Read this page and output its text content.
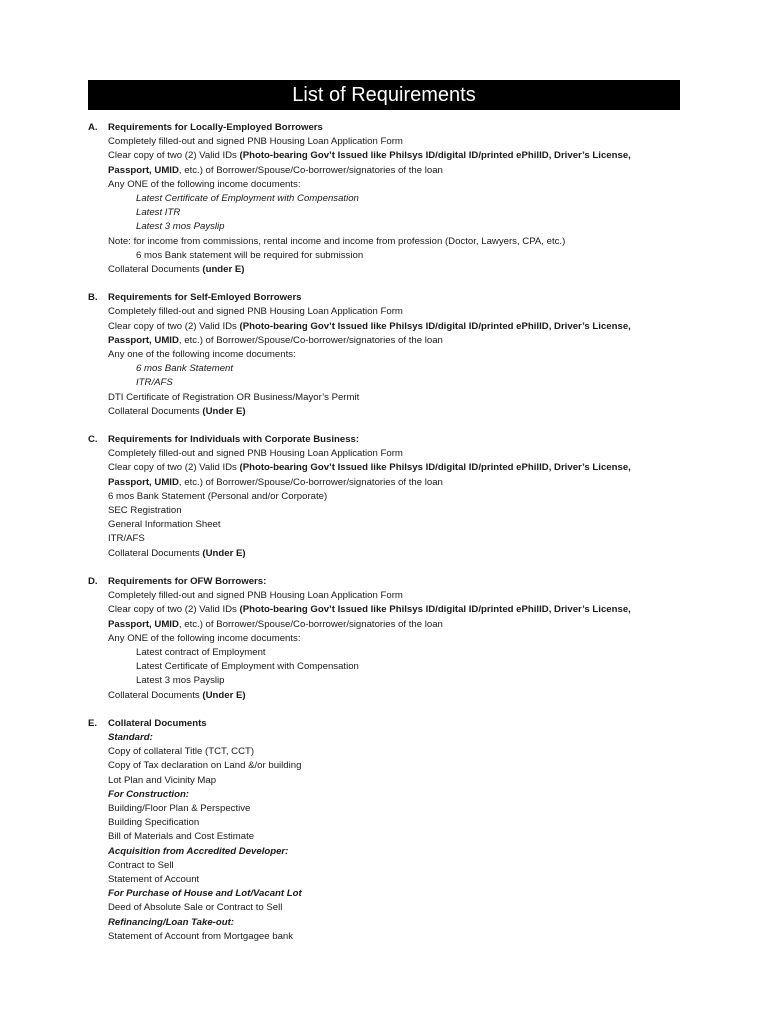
List of Requirements
A. Requirements for Locally-Employed Borrowers
Completely filled-out and signed PNB Housing Loan Application Form
Clear copy of two (2) Valid IDs (Photo-bearing Gov’t Issued like Philsys ID/digital ID/printed ePhilID, Driver’s License,
Passport, UMID, etc.) of Borrower/Spouse/Co-borrower/signatories of the loan
Any ONE of the following income documents:
Latest Certificate of Employment with Compensation
Latest ITR
Latest 3 mos Payslip
Note: for income from commissions, rental income and income from profession (Doctor, Lawyers, CPA, etc.)
6 mos Bank statement will be required for submission
Collateral Documents (under E)
B. Requirements for Self-Emloyed Borrowers
Completely filled-out and signed PNB Housing Loan Application Form
Clear copy of two (2) Valid IDs (Photo-bearing Gov’t Issued like Philsys ID/digital ID/printed ePhilID, Driver’s License,
Passport, UMID, etc.) of Borrower/Spouse/Co-borrower/signatories of the loan
Any one of the following income documents:
6 mos Bank Statement
ITR/AFS
DTI Certificate of Registration OR Business/Mayor’s Permit
Collateral Documents (Under E)
C. Requirements for Individuals with Corporate Business:
Completely filled-out and signed PNB Housing Loan Application Form
Clear copy of two (2) Valid IDs (Photo-bearing Gov’t Issued like Philsys ID/digital ID/printed ePhilID, Driver’s License,
Passport, UMID, etc.) of Borrower/Spouse/Co-borrower/signatories of the loan
6 mos Bank Statement (Personal and/or Corporate)
SEC Registration
General Information Sheet
ITR/AFS
Collateral Documents (Under E)
D. Requirements for OFW Borrowers:
Completely filled-out and signed PNB Housing Loan Application Form
Clear copy of two (2) Valid IDs (Photo-bearing Gov’t Issued like Philsys ID/digital ID/printed ePhilID, Driver’s License,
Passport, UMID, etc.) of Borrower/Spouse/Co-borrower/signatories of the loan
Any ONE of the following income documents:
Latest contract of Employment
Latest Certificate of Employment with Compensation
Latest 3 mos Payslip
Collateral Documents (Under E)
E. Collateral Documents
Standard:
Copy of collateral Title (TCT, CCT)
Copy of Tax declaration on Land &/or building
Lot Plan and Vicinity Map
For Construction:
Building/Floor Plan & Perspective
Building Specification
Bill of Materials and Cost Estimate
Acquisition from Accredited Developer:
Contract to Sell
Statement of Account
For Purchase of House and Lot/Vacant Lot
Deed of Absolute Sale or Contract to Sell
Refinancing/Loan Take-out:
Statement of Account from Mortgagee bank
